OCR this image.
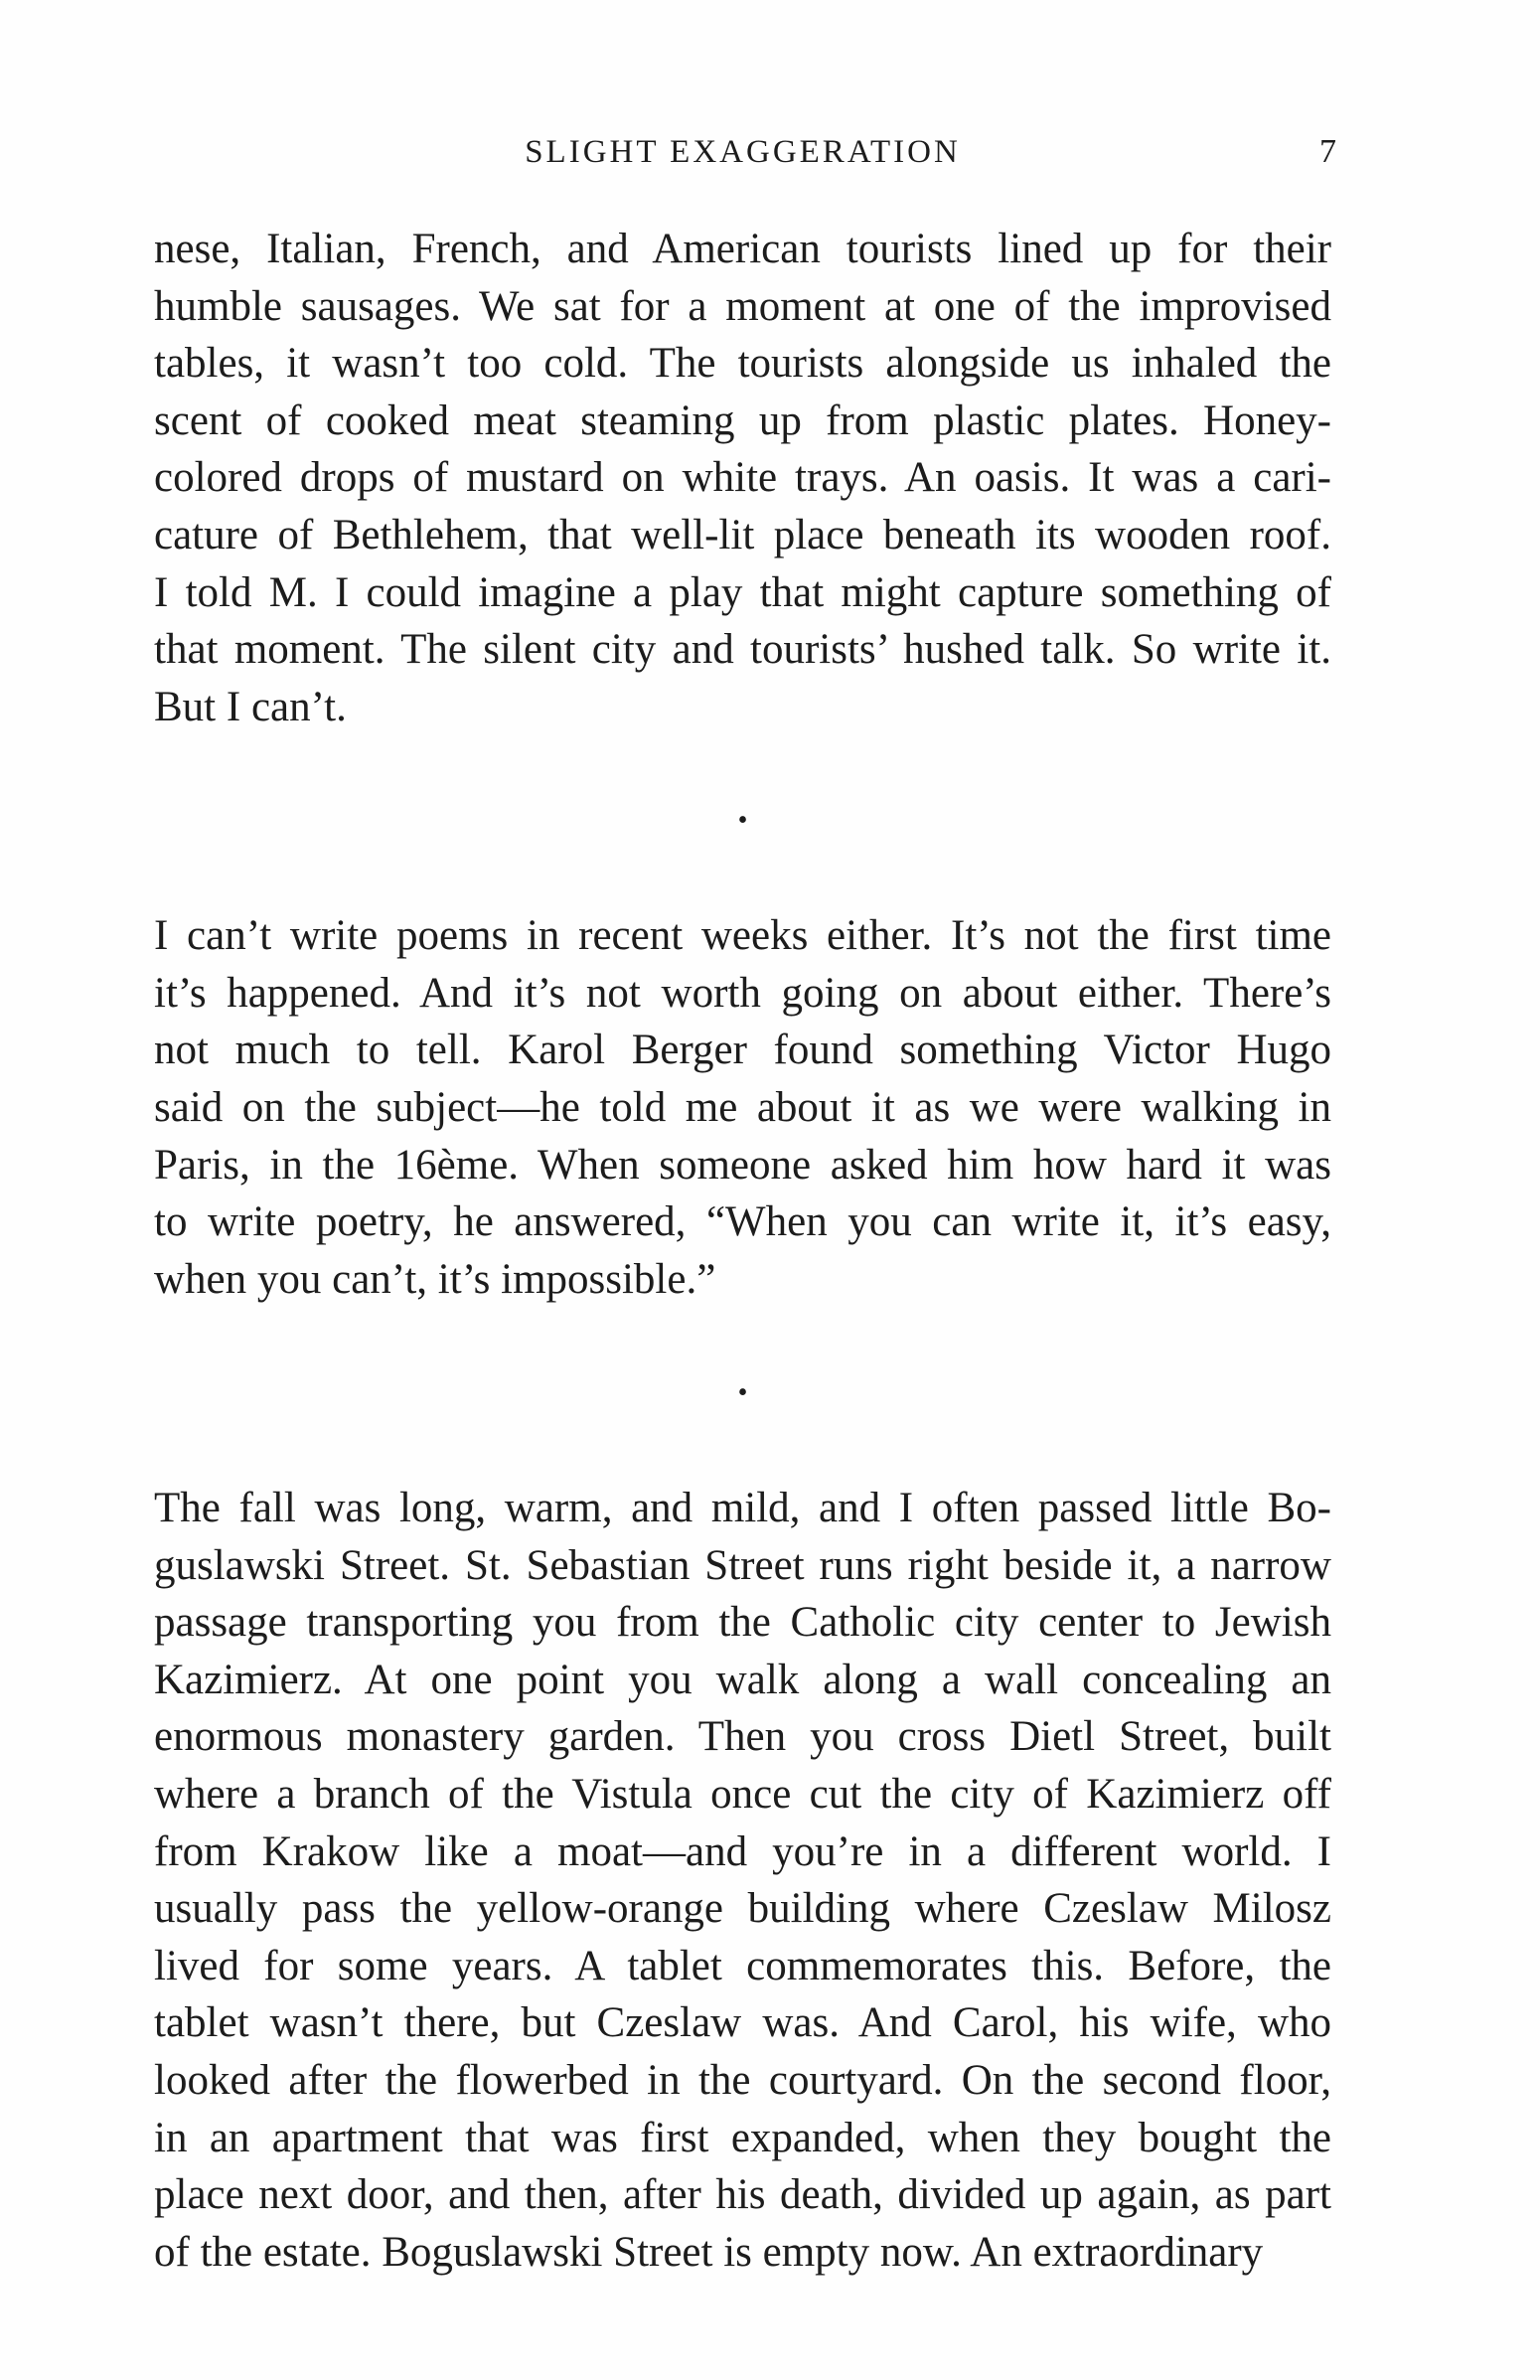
SLIGHT EXAGGERATION	7
nese, Italian, French, and American tourists lined up for their
humble sausages. We sat for a moment at one of the improvised
tables, it wasn’t too cold. The tourists alongside us inhaled the
scent of cooked meat steaming up from plastic plates. Honey-
colored drops of mustard on white trays. An oasis. It was a cari-
cature of Bethlehem, that well-lit place beneath its wooden roof.
I told M. I could imagine a play that might capture something of
that moment. The silent city and tourists’ hushed talk. So write it.
But I can’t.
•
I can’t write poems in recent weeks either. It’s not the first time
it’s happened. And it’s not worth going on about either. There’s
not much to tell. Karol Berger found something Victor Hugo
said on the subject—he told me about it as we were walking in
Paris, in the 16ème. When someone asked him how hard it was
to write poetry, he answered, “When you can write it, it’s easy,
when you can’t, it’s impossible.”
•
The fall was long, warm, and mild, and I often passed little Bo-
guslawski Street. St. Sebastian Street runs right beside it, a narrow
passage transporting you from the Catholic city center to Jewish
Kazimierz. At one point you walk along a wall concealing an
enormous monastery garden. Then you cross Dietl Street, built
where a branch of the Vistula once cut the city of Kazimierz off
from Krakow like a moat—and you’re in a different world. I
usually pass the yellow-orange building where Czeslaw Milosz
lived for some years. A tablet commemorates this. Before, the
tablet wasn’t there, but Czeslaw was. And Carol, his wife, who
looked after the flowerbed in the courtyard. On the second floor,
in an apartment that was first expanded, when they bought the
place next door, and then, after his death, divided up again, as part
of the estate. Boguslawski Street is empty now. An extraordinary
